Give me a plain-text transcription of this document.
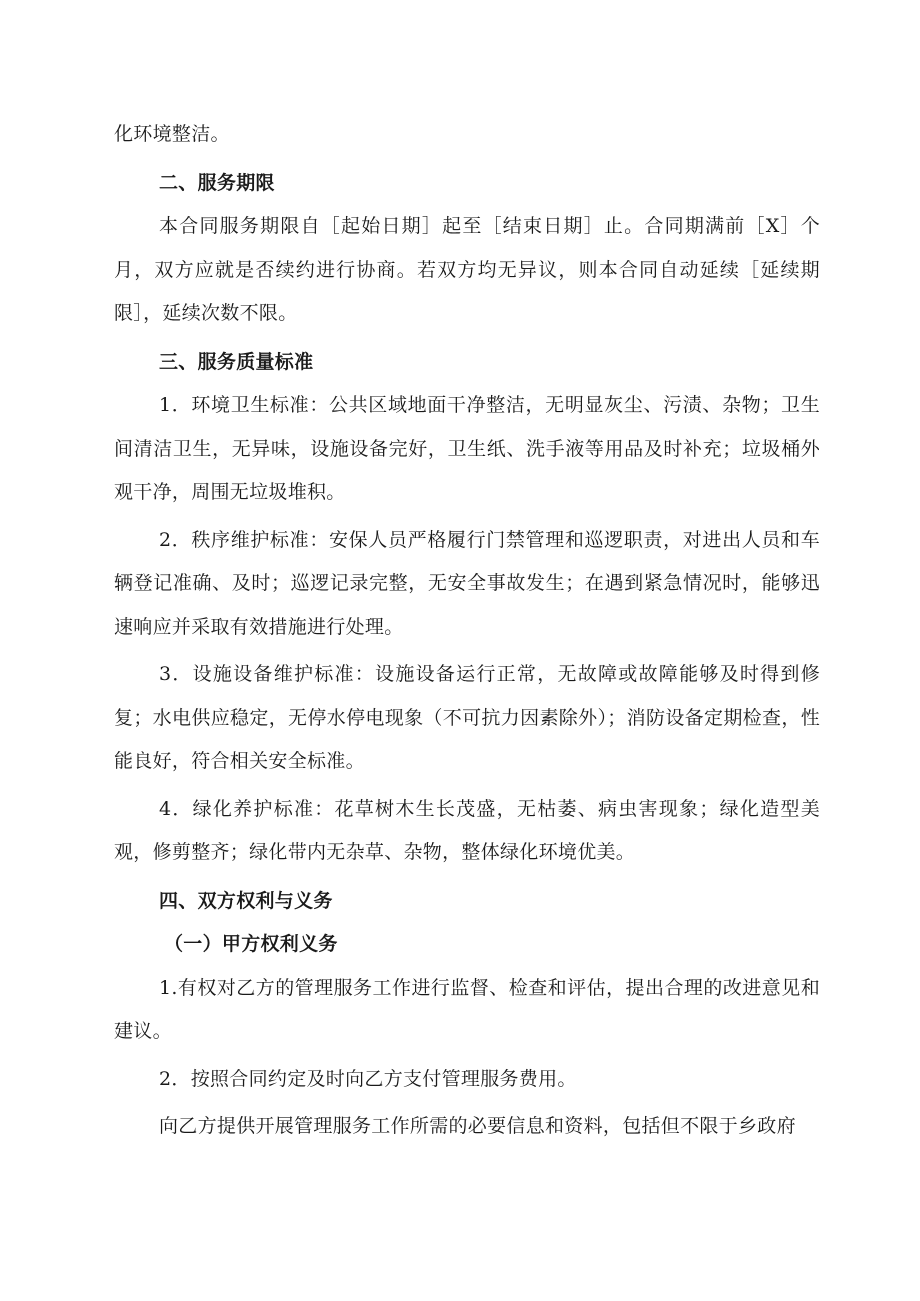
化环境整洁。

二、服务期限

本合同服务期限自［起始日期］起至［结束日期］止。合同期满前［X］个月，双方应就是否续约进行协商。若双方均无异议，则本合同自动延续［延续期限］，延续次数不限。

三、服务质量标准

1．环境卫生标准：公共区域地面干净整洁，无明显灰尘、污渍、杂物；卫生间清洁卫生，无异味，设施设备完好，卫生纸、洗手液等用品及时补充；垃圾桶外观干净，周围无垃圾堆积。

2．秩序维护标准：安保人员严格履行门禁管理和巡逻职责，对进出人员和车辆登记准确、及时；巡逻记录完整，无安全事故发生；在遇到紧急情况时，能够迅速响应并采取有效措施进行处理。

3．设施设备维护标准：设施设备运行正常，无故障或故障能够及时得到修复；水电供应稳定，无停水停电现象（不可抗力因素除外）；消防设备定期检查，性能良好，符合相关安全标准。

4．绿化养护标准：花草树木生长茂盛，无枯萎、病虫害现象；绿化造型美观，修剪整齐；绿化带内无杂草、杂物，整体绿化环境优美。

四、双方权利与义务

（一）甲方权利义务

1.有权对乙方的管理服务工作进行监督、检查和评估，提出合理的改进意见和建议。

2．按照合同约定及时向乙方支付管理服务费用。

向乙方提供开展管理服务工作所需的必要信息和资料，包括但不限于乡政府
